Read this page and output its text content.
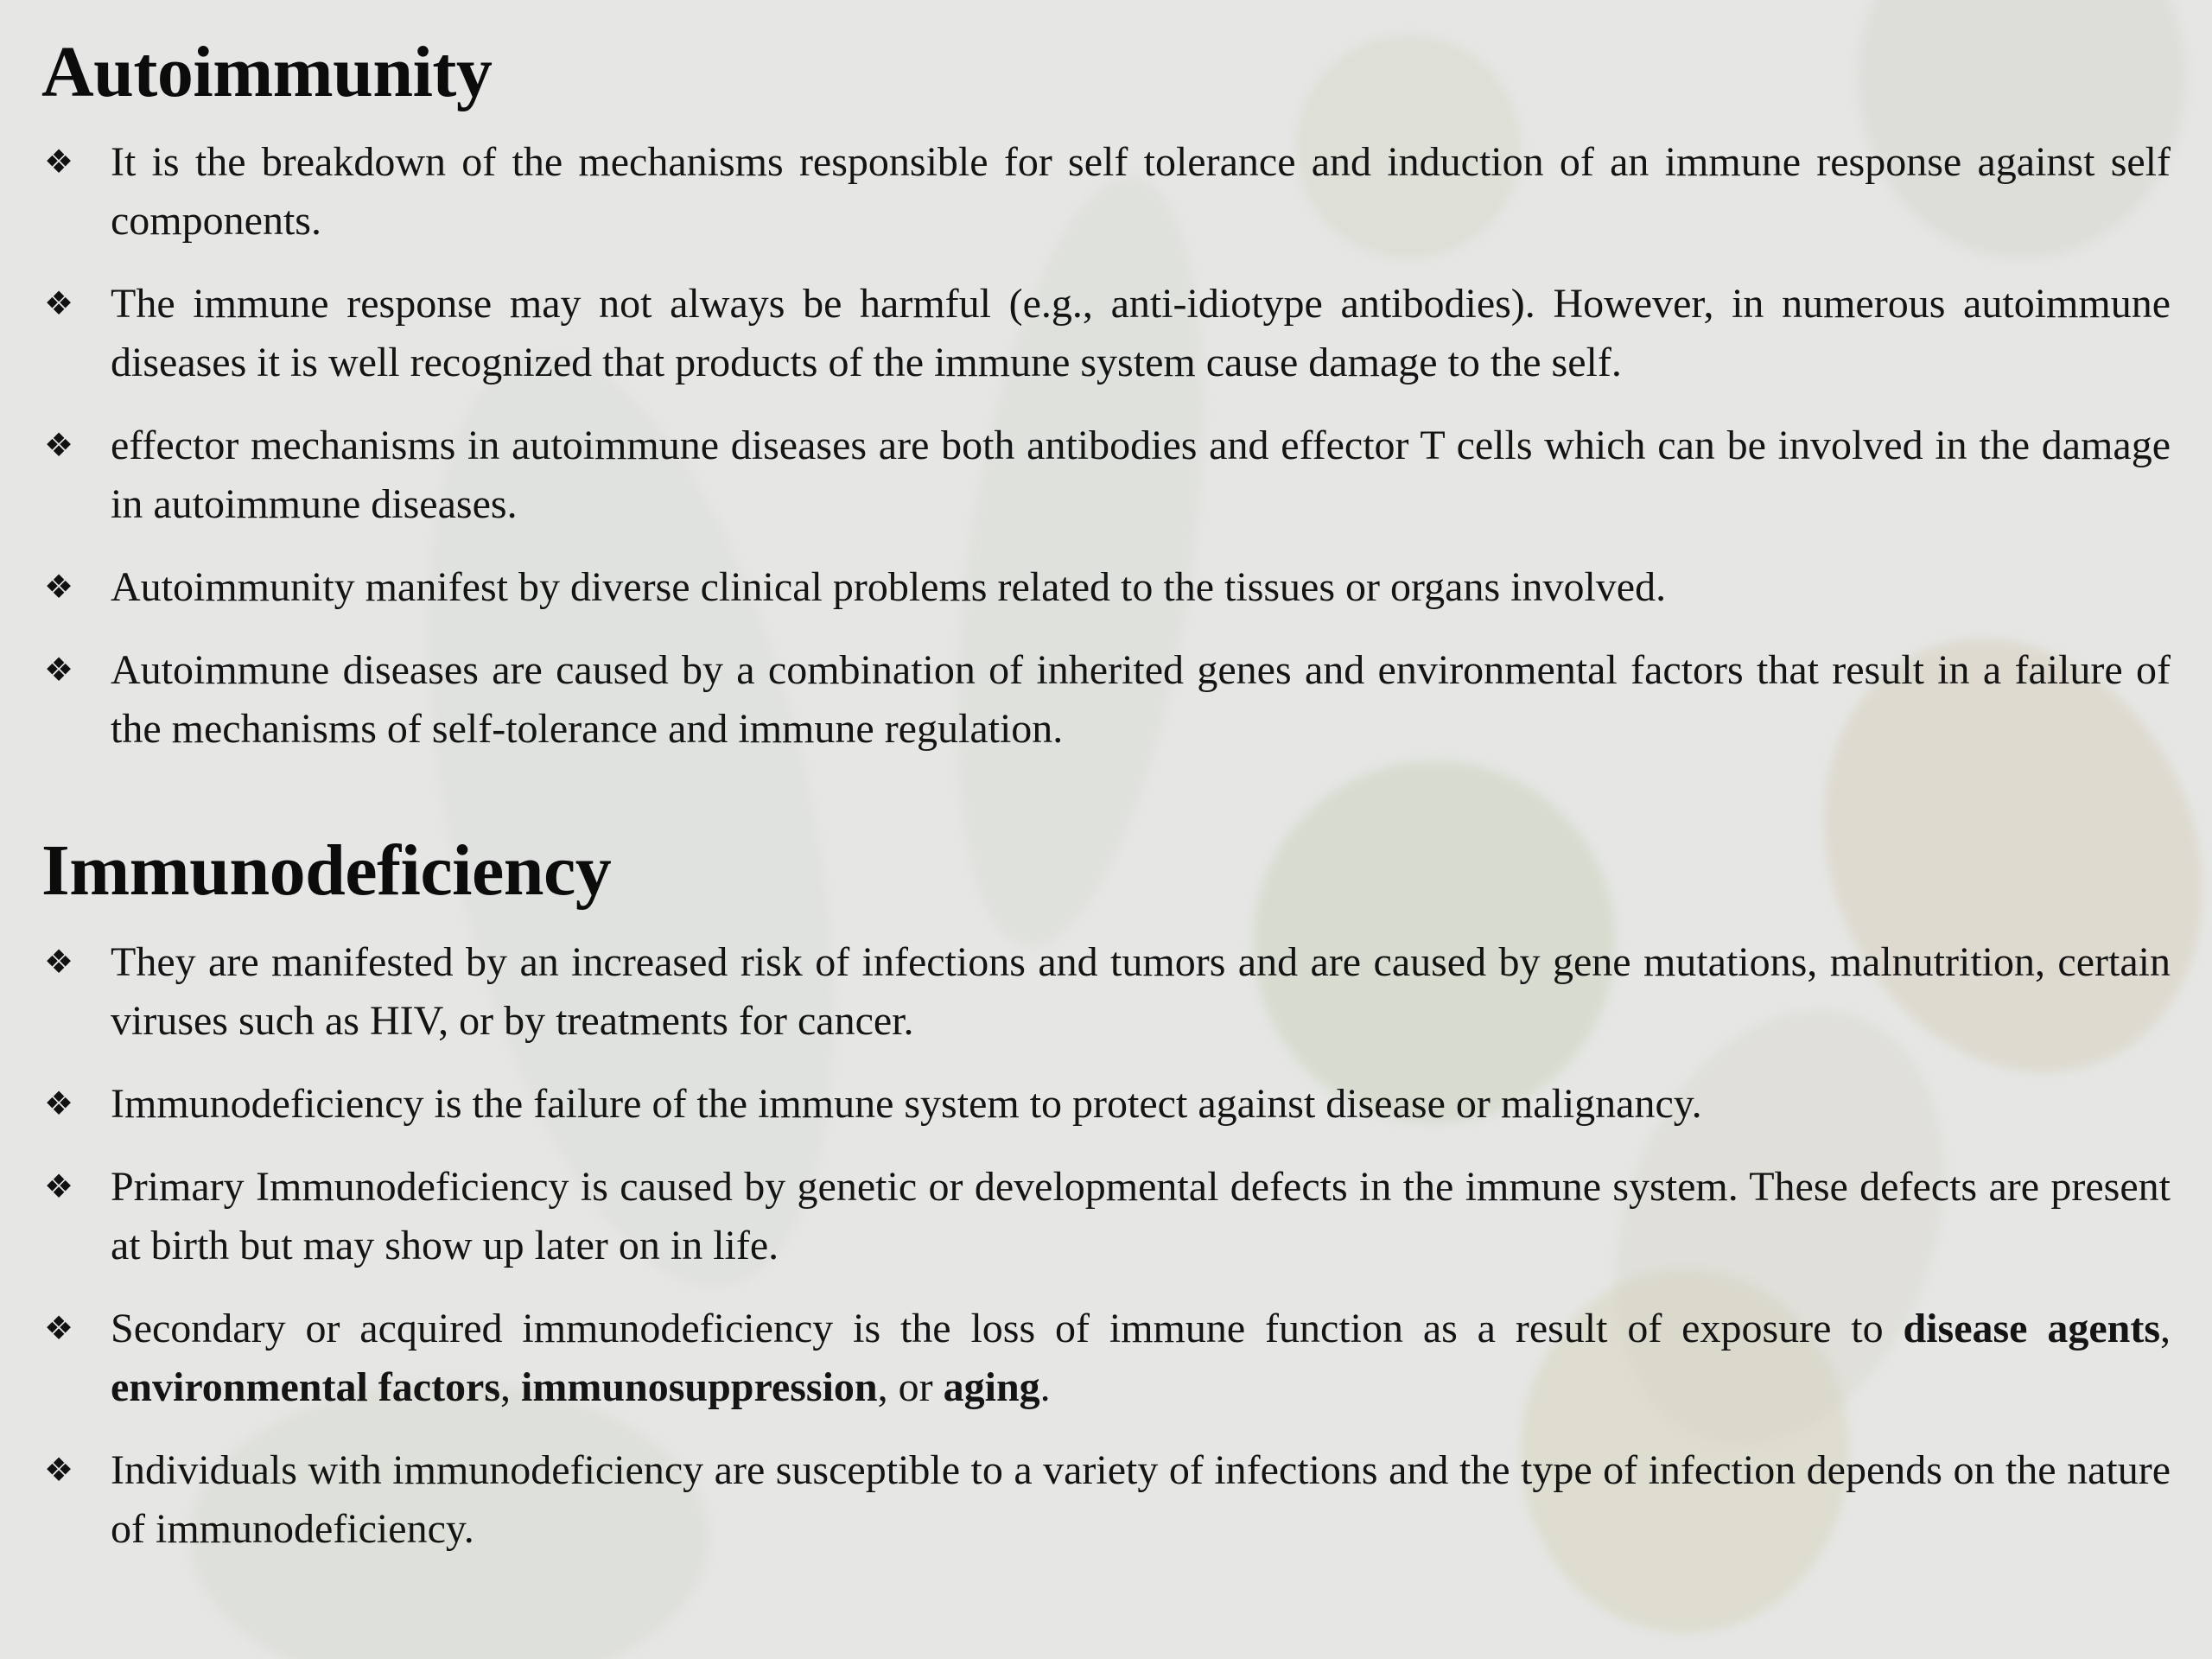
Autoimmunity
❖ It is the breakdown of the mechanisms responsible for self tolerance and induction of an immune response against self components.
❖ The immune response may not always be harmful (e.g., anti-idiotype antibodies). However, in numerous autoimmune diseases it is well recognized that products of the immune system cause damage to the self.
❖ effector mechanisms in autoimmune diseases are both antibodies and effector T cells which can be involved in the damage in autoimmune diseases.
❖ Autoimmunity manifest by diverse clinical problems related to the tissues or organs involved.
❖ Autoimmune diseases are caused by a combination of inherited genes and environmental factors that result in a failure of the mechanisms of self-tolerance and immune regulation.
Immunodeficiency
❖ They are manifested by an increased risk of infections and tumors and are caused by gene mutations, malnutrition, certain viruses such as HIV, or by treatments for cancer.
❖ Immunodeficiency is the failure of the immune system to protect against disease or malignancy.
❖ Primary Immunodeficiency is caused by genetic or developmental defects in the immune system. These defects are present at birth but may show up later on in life.
❖ Secondary or acquired immunodeficiency is the loss of immune function as a result of exposure to disease agents, environmental factors, immunosuppression, or aging.
❖ Individuals with immunodeficiency are susceptible to a variety of infections and the type of infection depends on the nature of immunodeficiency.
